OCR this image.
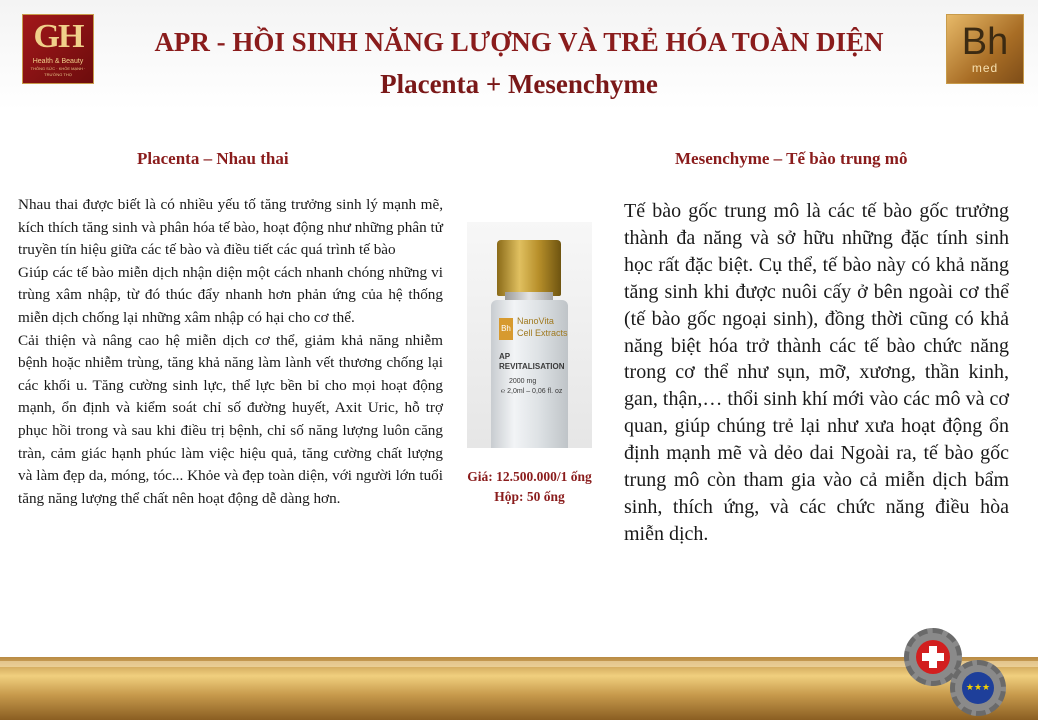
GH
Health & Beauty
THÔNG SỨC · KHỎE MẠNH · TRƯỜNG THỌ
APR - HỒI SINH NĂNG LƯỢNG VÀ TRẺ HÓA TOÀN DIỆN
Placenta + Mesenchyme
Bh
med
Placenta – Nhau thai

Nhau thai được biết là có nhiều yếu tố tăng trưởng sinh lý mạnh mẽ, kích thích tăng sinh và phân hóa tế bào, hoạt động như những phân tử truyền tín hiệu giữa các tế bào và điều tiết các quá trình tế bào

Giúp các tế bào miễn dịch nhận diện một cách nhanh chóng những vi trùng xâm nhập, từ đó thúc đẩy nhanh hơn phản ứng của hệ thống miễn dịch chống lại những xâm nhập có hại cho cơ thể.

Cải thiện và nâng cao hệ miễn dịch cơ thể, giảm khả năng nhiễm bệnh hoặc nhiễm trùng, tăng khả năng làm lành vết thương chống lại các khối u. Tăng cường sinh lực, thể lực bền bỉ cho mọi hoạt động mạnh, ổn định và kiểm soát chỉ số đường huyết, Axit Uric, hỗ trợ phục hồi trong và sau khi điều trị bệnh, chỉ số năng lượng luôn căng tràn, cảm giác hạnh phúc làm việc hiệu quả, tăng cường chất lượng và làm đẹp da, móng, tóc... Khỏe và đẹp toàn diện, với người lớn tuổi tăng năng lượng thể chất nên hoạt động dễ dàng hơn.

Bh
NanoVita
Cell Extracts
AP
REVITALISATION
2000 mg
℮ 2,0ml – 0,06 fl. oz
Giá: 12.500.000/1 ống
Hộp: 50 ống
Mesenchyme – Tế bào trung mô
Tế bào gốc trung mô là các tế bào gốc trưởng thành đa năng và sở hữu những đặc tính sinh học rất đặc biệt. Cụ thể, tế bào này có khả năng tăng sinh khi được nuôi cấy ở bên ngoài cơ thể (tế bào gốc ngoại sinh), đồng thời cũng có khả năng biệt hóa trở thành các tế bào chức năng trong cơ thể như sụn, mỡ, xương, thần kinh, gan, thận,… thổi sinh khí mới vào các mô và cơ quan, giúp chúng trẻ lại như xưa hoạt động ổn định mạnh mẽ và dẻo dai Ngoài ra, tế bào gốc trung mô còn tham gia vào cả miễn dịch bẩm sinh, thích ứng, và các chức năng điều hòa miễn dịch.
★★★
